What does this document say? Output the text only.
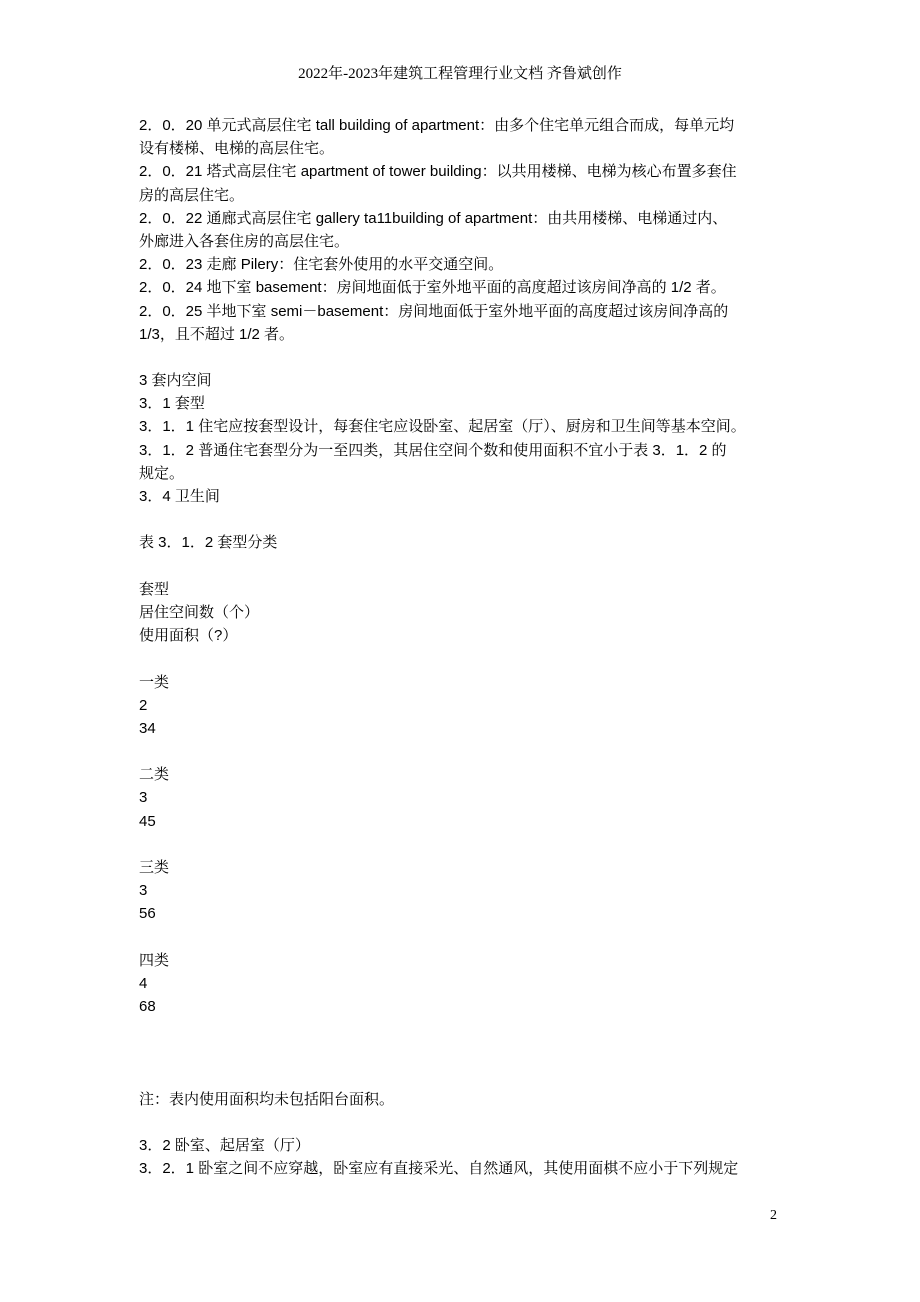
2022年-2023年建筑工程管理行业文档 齐鲁斌创作
2．0．20 单元式高层住宅 tall building of apartment：由多个住宅单元组合而成，每单元均
设有楼梯、电梯的高层住宅。
2．0．21 塔式高层住宅 apartment of tower building：以共用楼梯、电梯为核心布置多套住
房的高层住宅。
2．0．22 通廊式高层住宅 gallery ta11building of apartment：由共用楼梯、电梯通过内、
外廊进入各套住房的高层住宅。
2．0．23 走廊 Pilery：住宅套外使用的水平交通空间。
2．0．24 地下室 basement：房间地面低于室外地平面的高度超过该房间净高的 1/2 者。
2．0．25 半地下室 semi－basement：房间地面低于室外地平面的高度超过该房间净高的
1/3，且不超过 1/2 者。
3 套内空间
3．1 套型
3．1．1 住宅应按套型设计，每套住宅应设卧室、起居室（厅）、厨房和卫生间等基本空间。
3．1．2 普通住宅套型分为一至四类，其居住空间个数和使用面积不宜小于表 3．1．2 的
规定。
3．4 卫生间
表 3．1．2 套型分类
套型
居住空间数（个）
使用面积（?）
一类
2
34
二类
3
45
三类
3
56
四类
4
68
注：表内使用面积均未包括阳台面积。
3．2 卧室、起居室（厅）
3．2．1 卧室之间不应穿越，卧室应有直接采光、自然通风，其使用面棋不应小于下列规定
2
